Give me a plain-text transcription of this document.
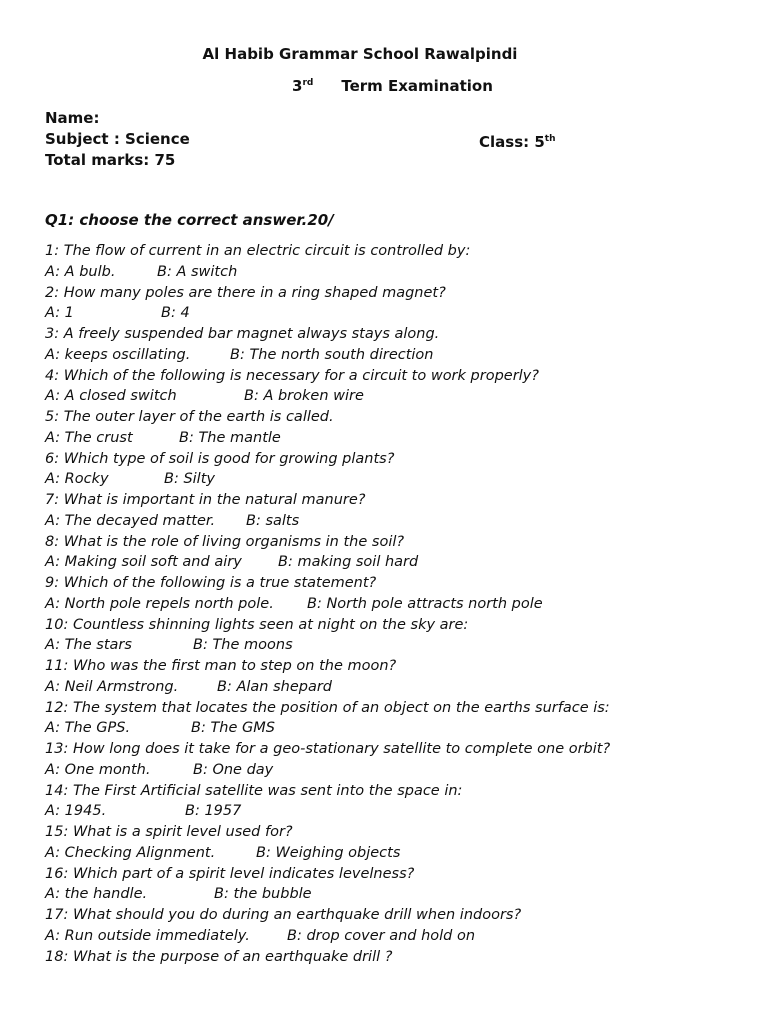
Al Habib Grammar School Rawalpindi
3rd Term Examination
Name:
Subject : Science
Total marks: 75
Class: 5th
Q1: choose the correct answer.20/
1: The flow of current in an electric circuit is controlled by:
A: A bulb.	B: A switch
2: How many poles are there in a ring shaped magnet?
A: 1	B: 4
3: A freely suspended bar magnet always stays along.
A: keeps oscillating.	B: The north south direction
4: Which of the following is necessary for a circuit to work properly?
A: A closed switch	B: A broken wire
5: The outer layer of the earth is called.
A: The crust	B: The mantle
6: Which type of soil is good for growing plants?
A: Rocky	B: Silty
7: What is important in the natural manure?
A: The decayed matter. B: salts
8: What is the role of living organisms in the soil?
A: Making soil soft and airy B: making soil hard
9: Which of the following is a true statement?
A: North pole repels north pole. B: North pole attracts north pole
10: Countless shinning lights seen at night on the sky are:
A: The stars	B: The moons
11: Who was the first man to step on the moon?
A: Neil Armstrong.	B: Alan shepard
12: The system that locates the position of an object on the earths surface is:
A: The GPS.	B: The GMS
13: How long does it take for a geo-stationary satellite to complete one orbit?
A: One month.	B: One day
14: The First Artificial satellite was sent into the space in:
A: 1945.	B: 1957
15: What is a spirit level used for?
A: Checking Alignment.	B: Weighing objects
16: Which part of a spirit level indicates levelness?
A: the handle.	B: the bubble
17: What should you do during an earthquake drill when indoors?
A: Run outside immediately.	B: drop cover and hold on
18: What is the purpose of an earthquake drill ?
